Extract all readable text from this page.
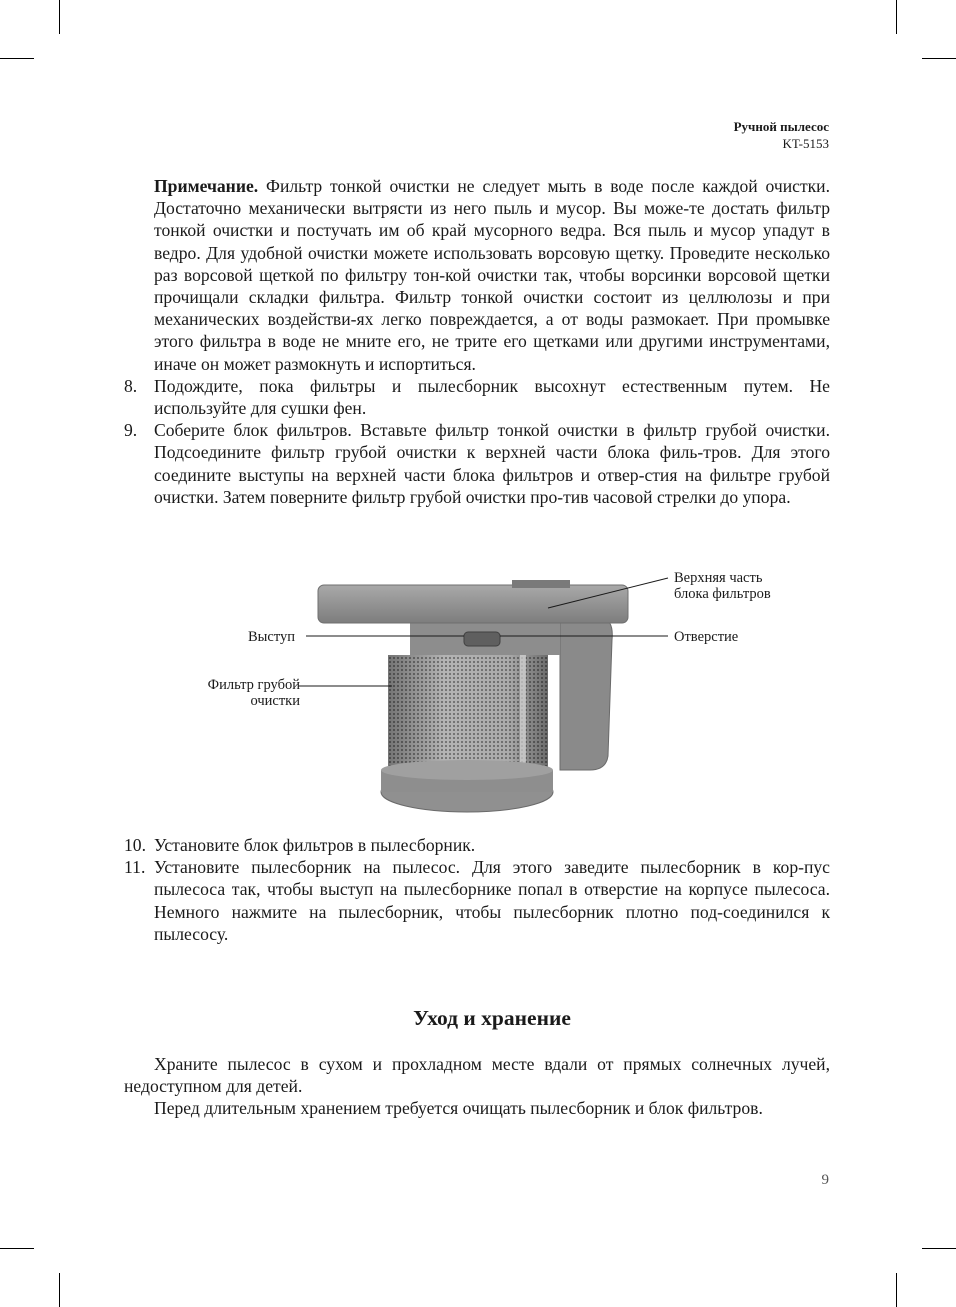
Ручной пылесос
KT-5153

Примечание. Фильтр тонкой очистки не следует мыть в воде после каждой очистки. Достаточно механически вытрясти из него пыль и мусор. Вы може-те достать фильтр тонкой очистки и постучать им об край мусорного ведра. Вся пыль и мусор упадут в ведро. Для удобной очистки можете использовать ворсовую щетку. Проведите несколько раз ворсовой щеткой по фильтру тон-кой очистки так, чтобы ворсинки ворсовой щетки прочищали складки фильтра. Фильтр тонкой очистки состоит из целлюлозы и при механических воздействи-ях легко повреждается, а от воды размокает. При промывке этого фильтра в воде не мните его, не трите его щетками или другими инструментами, иначе он может размокнуть и испортиться.

8. Подождите, пока фильтры и пылесборник высохнут естественным путем. Не используйте для сушки фен.
9. Соберите блок фильтров. Вставьте фильтр тонкой очистки в фильтр грубой очистки. Подсоедините фильтр грубой очистки к верхней части блока филь-тров. Для этого соедините выступы на верхней части блока фильтров и отвер-стия на фильтре грубой очистки. Затем поверните фильтр грубой очистки про-тив часовой стрелки до упора.
Верхняя часть
блока фильтров
Отверстие
Выступ
Фильтр грубой
очистки
10. Установите блок фильтров в пылесборник.
11. Установите пылесборник на пылесос. Для этого заведите пылесборник в кор-пус пылесоса так, чтобы выступ на пылесборнике попал в отверстие на корпусе пылесоса. Немного нажмите на пылесборник, чтобы пылесборник плотно под-соединился к пылесосу.
Уход и хранение

Храните пылесос в сухом и прохладном месте вдали от прямых солнечных лучей, недоступном для детей.

Перед длительным хранением требуется очищать пылесборник и блок фильтров.

9
